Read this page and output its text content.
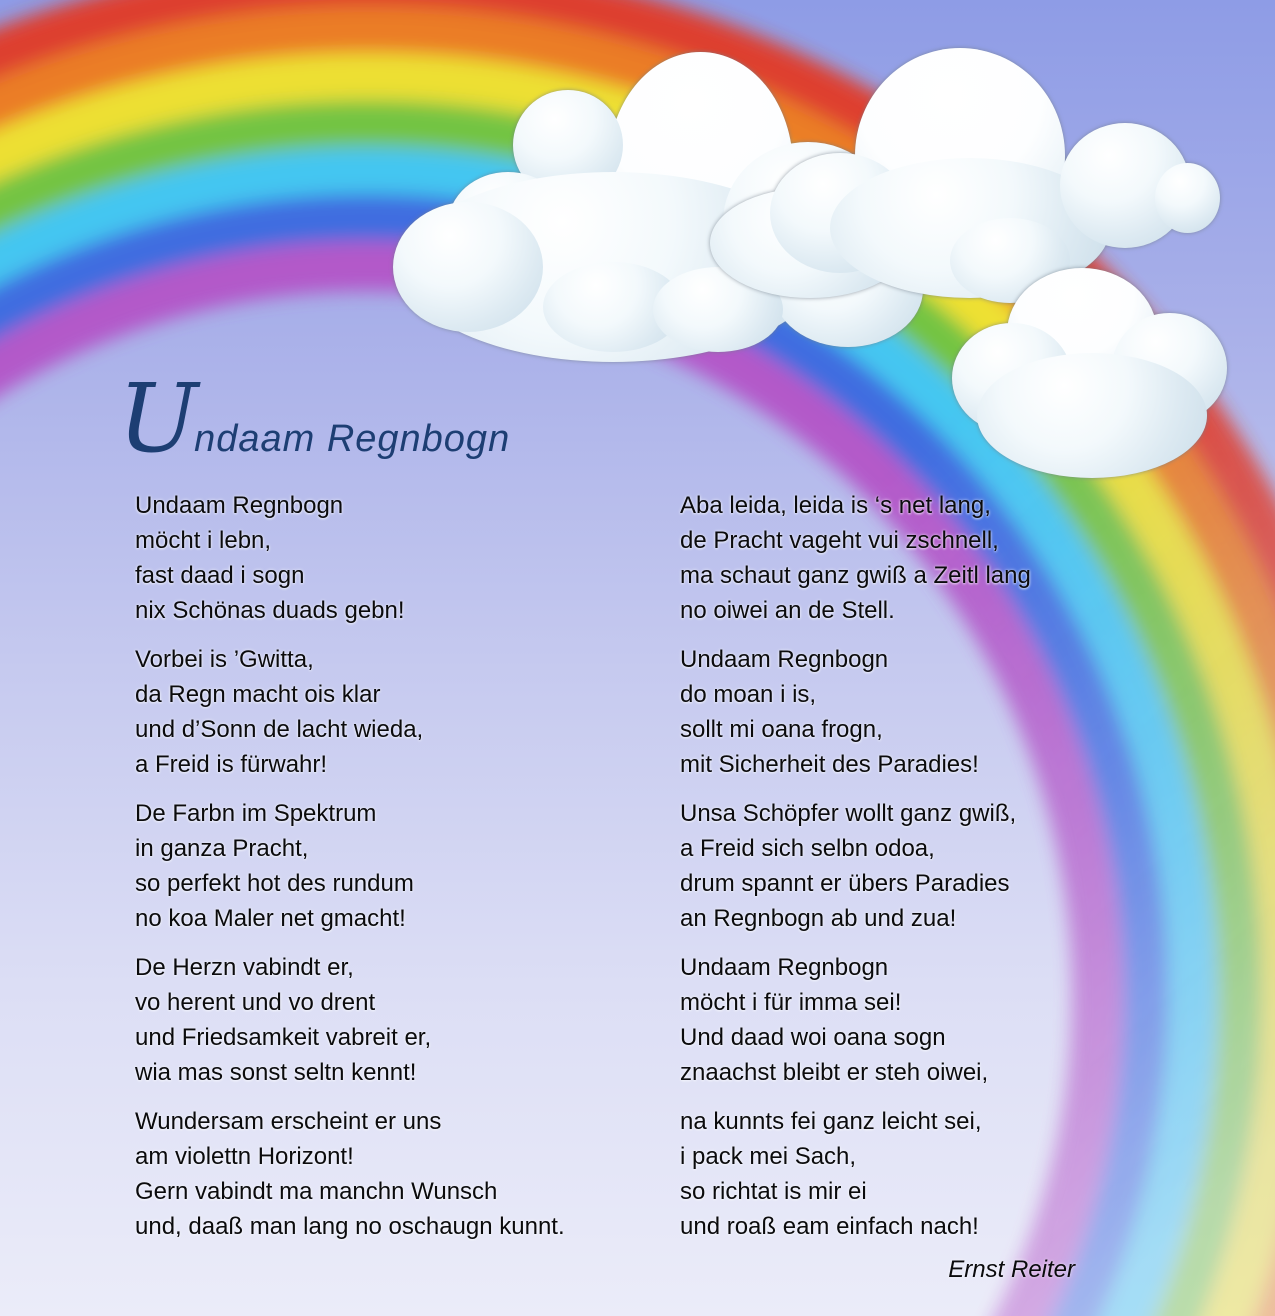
Undaam Regnbogn
Undaam Regnbogn
möcht i lebn,
fast daad i sogn
nix Schönas duads gebn!
Vorbei is ’Gwitta,
da Regn macht ois klar
und d’Sonn de lacht wieda,
a Freid is fürwahr!
De Farbn im Spektrum
in ganza Pracht,
so perfekt hot des rundum
no koa Maler net gmacht!
De Herzn vabindt er,
vo herent und vo drent
und Friedsamkeit vabreit er,
wia mas sonst seltn kennt!
Wundersam erscheint er uns
am violettn Horizont!
Gern vabindt ma manchn Wunsch
und, daaß man lang no oschaugn kunnt.
Aba leida, leida is ‘s net lang,
de Pracht vageht vui zschnell,
ma schaut ganz gwiß a Zeitl lang
no oiwei an de Stell.
Undaam Regnbogn
do moan i is,
sollt mi oana frogn,
mit Sicherheit des Paradies!
Unsa Schöpfer wollt ganz gwiß,
a Freid sich selbn odoa,
drum spannt er übers Paradies
an Regnbogn ab und zua!
Undaam Regnbogn
möcht i für imma sei!
Und daad woi oana sogn
znaachst bleibt er steh oiwei,
na kunnts fei ganz leicht sei,
i pack mei Sach,
so richtat is mir ei
und roaß eam einfach nach!
Ernst Reiter
